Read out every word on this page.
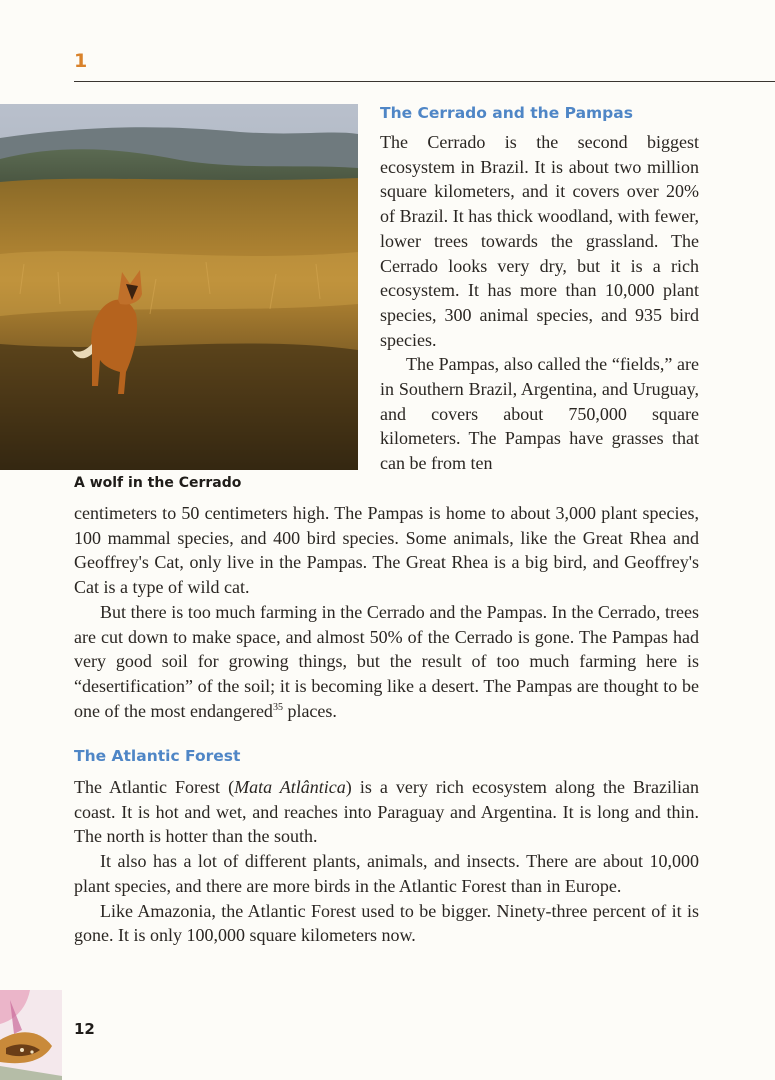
1
A wolf in the Cerrado
The Cerrado and the Pampas

The Cerrado is the second biggest ecosystem in Brazil. It is about two million square kilometers, and it covers over 20% of Brazil. It has thick woodland, with fewer, lower trees towards the grassland. The Cerrado looks very dry, but it is a rich ecosystem. It has more than 10,000 plant species, 300 animal species, and 935 bird species.

The Pampas, also called the “fields,” are in Southern Brazil, Argentina, and Uruguay, and covers about 750,000 square kilometers. The Pampas have grasses that can be from ten

centimeters to 50 centimeters high. The Pampas is home to about 3,000 plant species, 100 mammal species, and 400 bird species. Some animals, like the Great Rhea and Geoffrey's Cat, only live in the Pampas. The Great Rhea is a big bird, and Geoffrey's Cat is a type of wild cat.

But there is too much farming in the Cerrado and the Pampas. In the Cerrado, trees are cut down to make space, and almost 50% of the Cerrado is gone. The Pampas had very good soil for growing things, but the result of too much farming here is “desertification” of the soil; it is becoming like a desert. The Pampas are thought to be one of the most endangered$^{35}$ places.

The Atlantic Forest

The Atlantic Forest (Mata Atlântica) is a very rich ecosystem along the Brazilian coast. It is hot and wet, and reaches into Paraguay and Argentina. It is long and thin. The north is hotter than the south.

It also has a lot of different plants, animals, and insects. There are about 10,000 plant species, and there are more birds in the Atlantic Forest than in Europe.

Like Amazonia, the Atlantic Forest used to be bigger. Ninety-three percent of it is gone. It is only 100,000 square kilometers now.

12
